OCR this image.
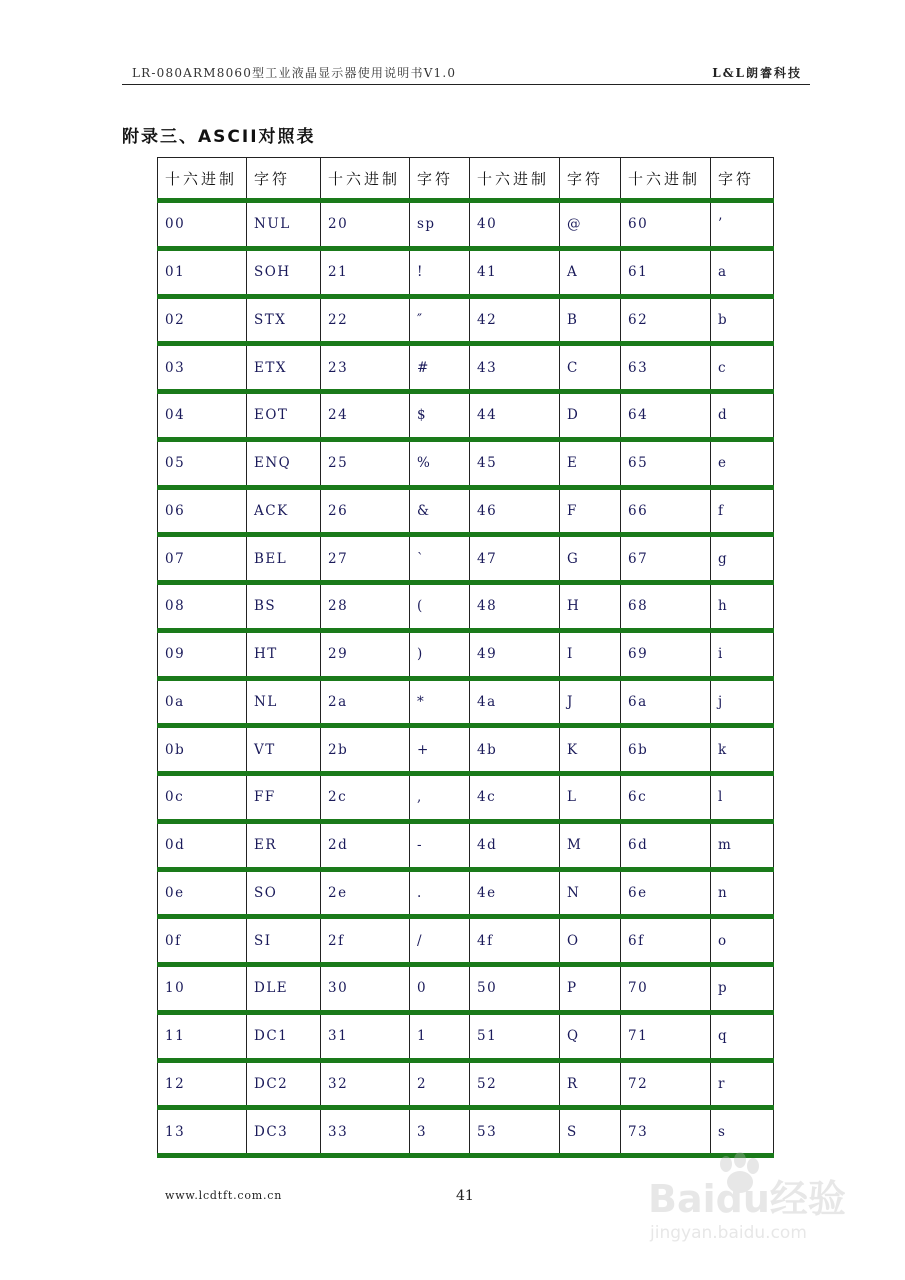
LR-080ARM8060型工业液晶显示器使用说明书V1.0	L&L朗睿科技
附录三、ASCII对照表
十六进制	字符	十六进制	字符	十六进制	字符	十六进制	字符
00	NUL	20	sp	40	@	60	’
01	SOH	21	!	41	A	61	a
02	STX	22	″	42	B	62	b
03	ETX	23	#	43	C	63	c
04	EOT	24	$	44	D	64	d
05	ENQ	25	%	45	E	65	e
06	ACK	26	&	46	F	66	f
07	BEL	27	`	47	G	67	g
08	BS	28	(	48	H	68	h
09	HT	29	)	49	I	69	i
0a	NL	2a	*	4a	J	6a	j
0b	VT	2b	+	4b	K	6b	k
0c	FF	2c	,	4c	L	6c	l
0d	ER	2d	-	4d	M	6d	m
0e	SO	2e	.	4e	N	6e	n
0f	SI	2f	/	4f	O	6f	o
10	DLE	30	0	50	P	70	p
11	DC1	31	1	51	Q	71	q
12	DC2	32	2	52	R	72	r
13	DC3	33	3	53	S	73	s
www.lcdtft.com.cn	41	Baidu经验
jingyan.baidu.com
